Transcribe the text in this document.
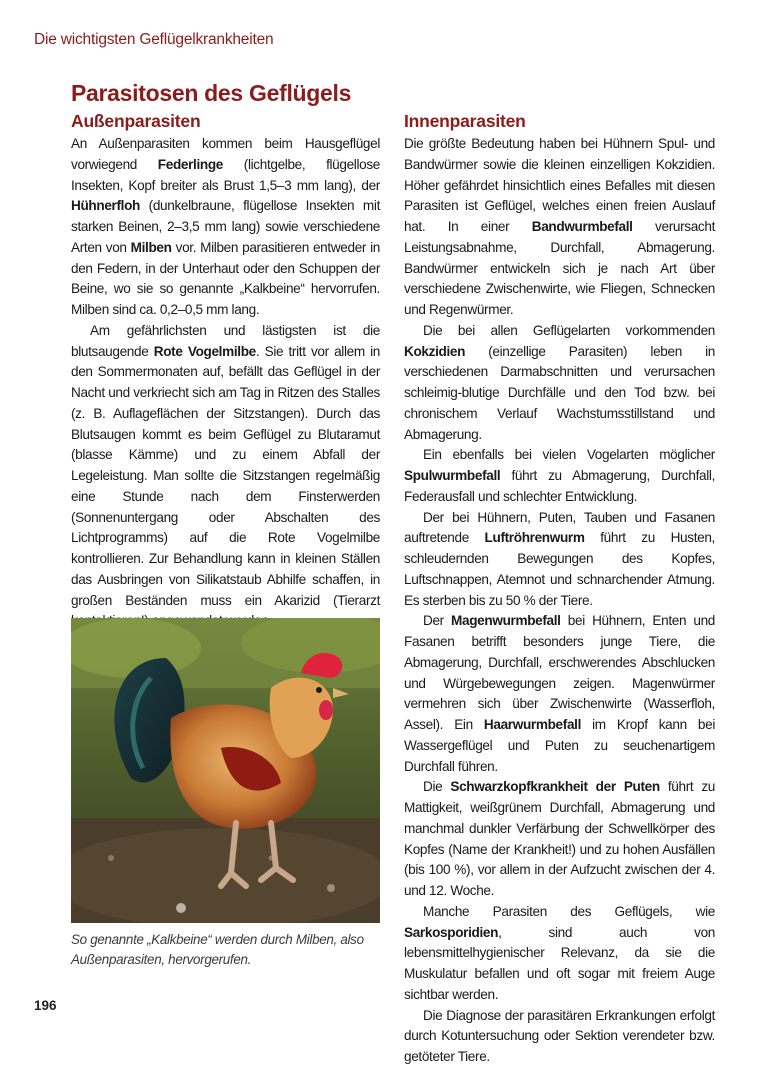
Die wichtigsten Geflügelkrankheiten
Parasitosen des Geflügels
Außenparasiten

An Außenparasiten kommen beim Hausgeflügel vorwiegend Federlinge (lichtgelbe, flügellose Insekten, Kopf breiter als Brust 1,5–3 mm lang), der Hühnerfloh (dunkelbraune, flügellose Insekten mit starken Beinen, 2–3,5 mm lang) sowie verschiedene Arten von Milben vor. Milben parasitieren entweder in den Federn, in der Unterhaut oder den Schuppen der Beine, wo sie so genannte „Kalkbeine“ hervorrufen. Milben sind ca. 0,2–0,5 mm lang.

Am gefährlichsten und lästigsten ist die blutsaugende Rote Vogelmilbe. Sie tritt vor allem in den Sommermonaten auf, befällt das Geflügel in der Nacht und verkriecht sich am Tag in Ritzen des Stalles (z. B. Auflageflächen der Sitzstangen). Durch das Blutsaugen kommt es beim Geflügel zu Blutaramut (blasse Kämme) und zu einem Abfall der Legeleistung. Man sollte die Sitzstangen regelmäßig eine Stunde nach dem Finsterwerden (Sonnenuntergang oder Abschalten des Lichtprogramms) auf die Rote Vogelmilbe kontrollieren. Zur Behandlung kann in kleinen Ställen das Ausbringen von Silikatstaub Abhilfe schaffen, in großen Beständen muss ein Akarizid (Tierarzt

So genannte „Kalkbeine“ werden durch Milben, also Außenparasiten, hervorgerufen.
Innenparasiten

Die größte Bedeutung haben bei Hühnern Spul- und Bandwürmer sowie die kleinen einzelligen Kokzidien. Höher gefährdet hinsichtlich eines Befalles mit diesen Parasiten ist Geflügel, welches einen freien Auslauf hat. In einer Bandwurmbefall verursacht Leistungsabnahme, Durchfall, Abmagerung. Bandwürmer entwickeln sich je nach Art über verschiedene Zwischenwirte, wie Fliegen, Schnecken und Regenwürmer.

Die bei allen Geflügelarten vorkommenden Kokzidien (einzellige Parasiten) leben in verschiedenen Darmabschnitten und verursachen schleimig-blutige Durchfälle und den Tod bzw. bei chronischem Verlauf Wachstumsstillstand und Abmagerung.

Ein ebenfalls bei vielen Vogelarten möglicher Spulwurmbefall führt zu Abmagerung, Durchfall, Federausfall und schlechter Entwicklung.

Der bei Hühnern, Puten, Tauben und Fasanen auftretende Luftröhrenwurm führt zu Husten, schleudernden Bewegungen des Kopfes, Luftschnappen, Atemnot und schnarchender Atmung. Es sterben bis zu 50 % der Tiere.

Der Magenwurmbefall bei Hühnern, Enten und Fasanen betrifft besonders junge Tiere, die Abmagerung, Durchfall, erschwerendes Abschlucken und Würgebewegungen zeigen. Magenwürmer vermehren sich über Zwischenwirte (Wasserfloh, Assel). Ein Haarwurmbefall im Kropf kann bei Wassergeflügel und Puten zu seuchenartigem Durchfall führen.

Die Schwarzkopfkrankheit der Puten führt zu Mattigkeit, weißgrünem Durchfall, Abmagerung und manchmal dunkler Verfärbung der Schwellkörper des Kopfes (Name der Krankheit!) und zu hohen Ausfällen (bis 100 %), vor allem in der Aufzucht zwischen der 4. und 12. Woche.

Manche Parasiten des Geflügels, wie Sarkosporidien, sind auch von lebensmittelhygienischer Relevanz, da sie die Muskulatur befallen und oft sogar mit freiem Auge sichtbar werden.

Die Diagnose der parasitären Erkrankungen erfolgt durch Kotuntersuchung oder Sektion verendeter bzw. getöteter Tiere.

196
